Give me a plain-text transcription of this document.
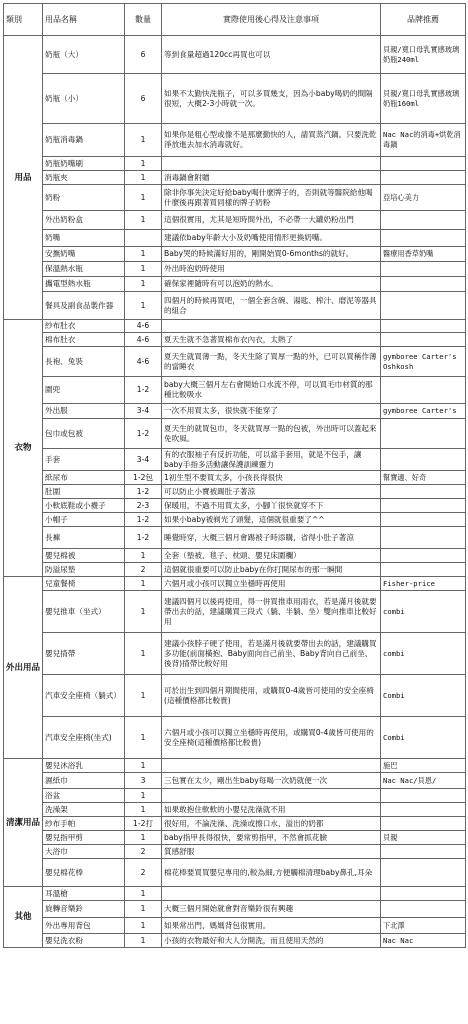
類別	用品名稱	數量	實際使用後心得及注意事項	品牌推薦
用品	奶瓶（大）	6	等到食量超過120cc再買也可以	貝親/寬口母乳實感玻璃奶瓶240ml
	奶瓶（小）	6	如果不太勤快洗瓶子，可以多買幾支，因為小baby喝奶的間隔很短，大概2-3小時就一次。	貝親/寬口母乳實感玻璃奶瓶160ml
	奶瓶消毒鍋	1	如果你是粗心型或像不是那麼勤快的人，請買蒸汽鍋。只要洗乾淨放進去加水消毒就好。	Nac Nac的消毒+烘乾消毒鍋
	奶瓶奶嘴刷	1		
	奶瓶夾	1	消毒鍋會附贈	
	奶粉	1	除非你事先決定好給baby喝什麼牌子的，否則就等醫院給他喝什麼後再跟著買同樣的牌子奶粉	亞培心美力
	外出奶粉盒	1	這個很實用，尤其是短時間外出，不必帶一大罐奶粉出門	
	奶嘴		建議依baby年齡大小及奶嘴使用情形更換奶嘴。	
	安撫奶嘴	1	Baby哭的時候滿好用的，剛開始買0-6months的就好。	醫療用香草奶嘴
	保溫熱水瓶	1	外出時泡奶時使用	
	攜電型熱水瓶	1	確保家裡隨時有可以泡奶的熱水。	
	餐具及副食品製作器	1	四個月的時候再買吧，一個全套含碗、湯匙、榨汁、磨泥等器具的組合	
衣物	紗布肚衣	4-6		
	棉布肚衣	4-6	夏天生就不急著買棉布衣內衣，太熱了	
	長袍、兔裝	4-6	夏天生就買薄一點，冬天生除了買厚一點的外，已可以買稱作薄的當睡衣	gymboree Carter's Oshkosh
	圍兜	1-2	baby大概三個月左右會開始口水流不停，可以買毛巾材質的那種比較吸水	
	外出服	3-4	一次不用買太多，很快就不能穿了	gymboree Carter's
	包巾或包被	1-2	夏天生的就買包巾，冬天就買厚一點的包被，外出時可以蓋起來免吹風。	
	手套	3-4	有的衣服袖子有反折功能，可以當手套用，就是不包手，讓baby手指多活動讓保護訓練靈力	
	紙尿布	1-2包	1初生型不要買太多，小孩長得很快	幫寶適、好奇
	肚圍	1-2	可以防止小寶被踢肚子著涼	
	小軟底鞋或小襪子	2-3	保暖用，不過不用買太多，小腳丫很快就穿不下	
	小帽子	1-2	如果小baby被剃光了頭髮，這個就很重要了^^	
	長褲	1-2	睡覺時穿，大概三個月會踢被子時添購，省得小肚子著涼	
	嬰兒棉被	1	全套（墊被、毯子、枕頭、嬰兒床圍欄）	
	防溢尿墊	2	這個就很重要可以防止baby在你打開尿布的那一瞬間	
外出用品	兒童餐椅	1	六個月或小孩可以獨立坐穩時再使用	Fisher-price
	嬰兒推車（坐式）	1	建議四個月以後再使用，得一併買推車用雨衣，若是滿月後就要帶出去的話，建議購買三段式（躺、半躺、坐）雙向推車比較好用	combi
	嬰兒揹帶	1	建議小孩脖子硬了使用，若是滿月後就要帶出去的話，建議購買多功能(前面橫抱、Baby面向自己前坐、Baby背向自己前坐、後背)揹帶比較好用	combi
	汽車安全座椅（躺式）	1	可於出生到四個月期間使用，或購買0-4歲皆可使用的安全座椅(這種價格都比較貴)	Combi
	汽車安全座椅(坐式)	1	六個月或小孩可以獨立坐穩時再使用，或購買0-4歲皆可使用的安全座椅(這種價格都比較貴)	Combi
清潔用品	嬰兒沐浴乳	1		施巴
	濕紙巾	3	三包實在太少，剛出生baby每喝一次奶就便一次	Nac Nac/貝恩/
	浴盆	1		
	洗澡架	1	如果敢抱住軟軟的小嬰兒洗澡就不用	
	紗布手帕	1-2打	很好用，不論洗澡、洗澡或擦口水、溢出的奶都	
	嬰兒指甲剪	1	baby指甲長得很快，要常剪指甲，不然會抓花臉	貝親
	大浴巾	2	質感舒服	
	嬰兒棉花棒	2	棉花棒要買買嬰兒專用的,較為細,方便觸棉清理baby鼻孔,耳朵	
其他	耳溫槍	1		
	旋轉音樂鈴	1	大概三個月開始就會對音樂鈴很有興趣	
	外出專用背包	1	如果常出門，媽媽背包很實用。	下北澤
	嬰兒洗衣粉	1	小孩的衣物最好和大人分開洗，而且使用天然的	Nac Nac
